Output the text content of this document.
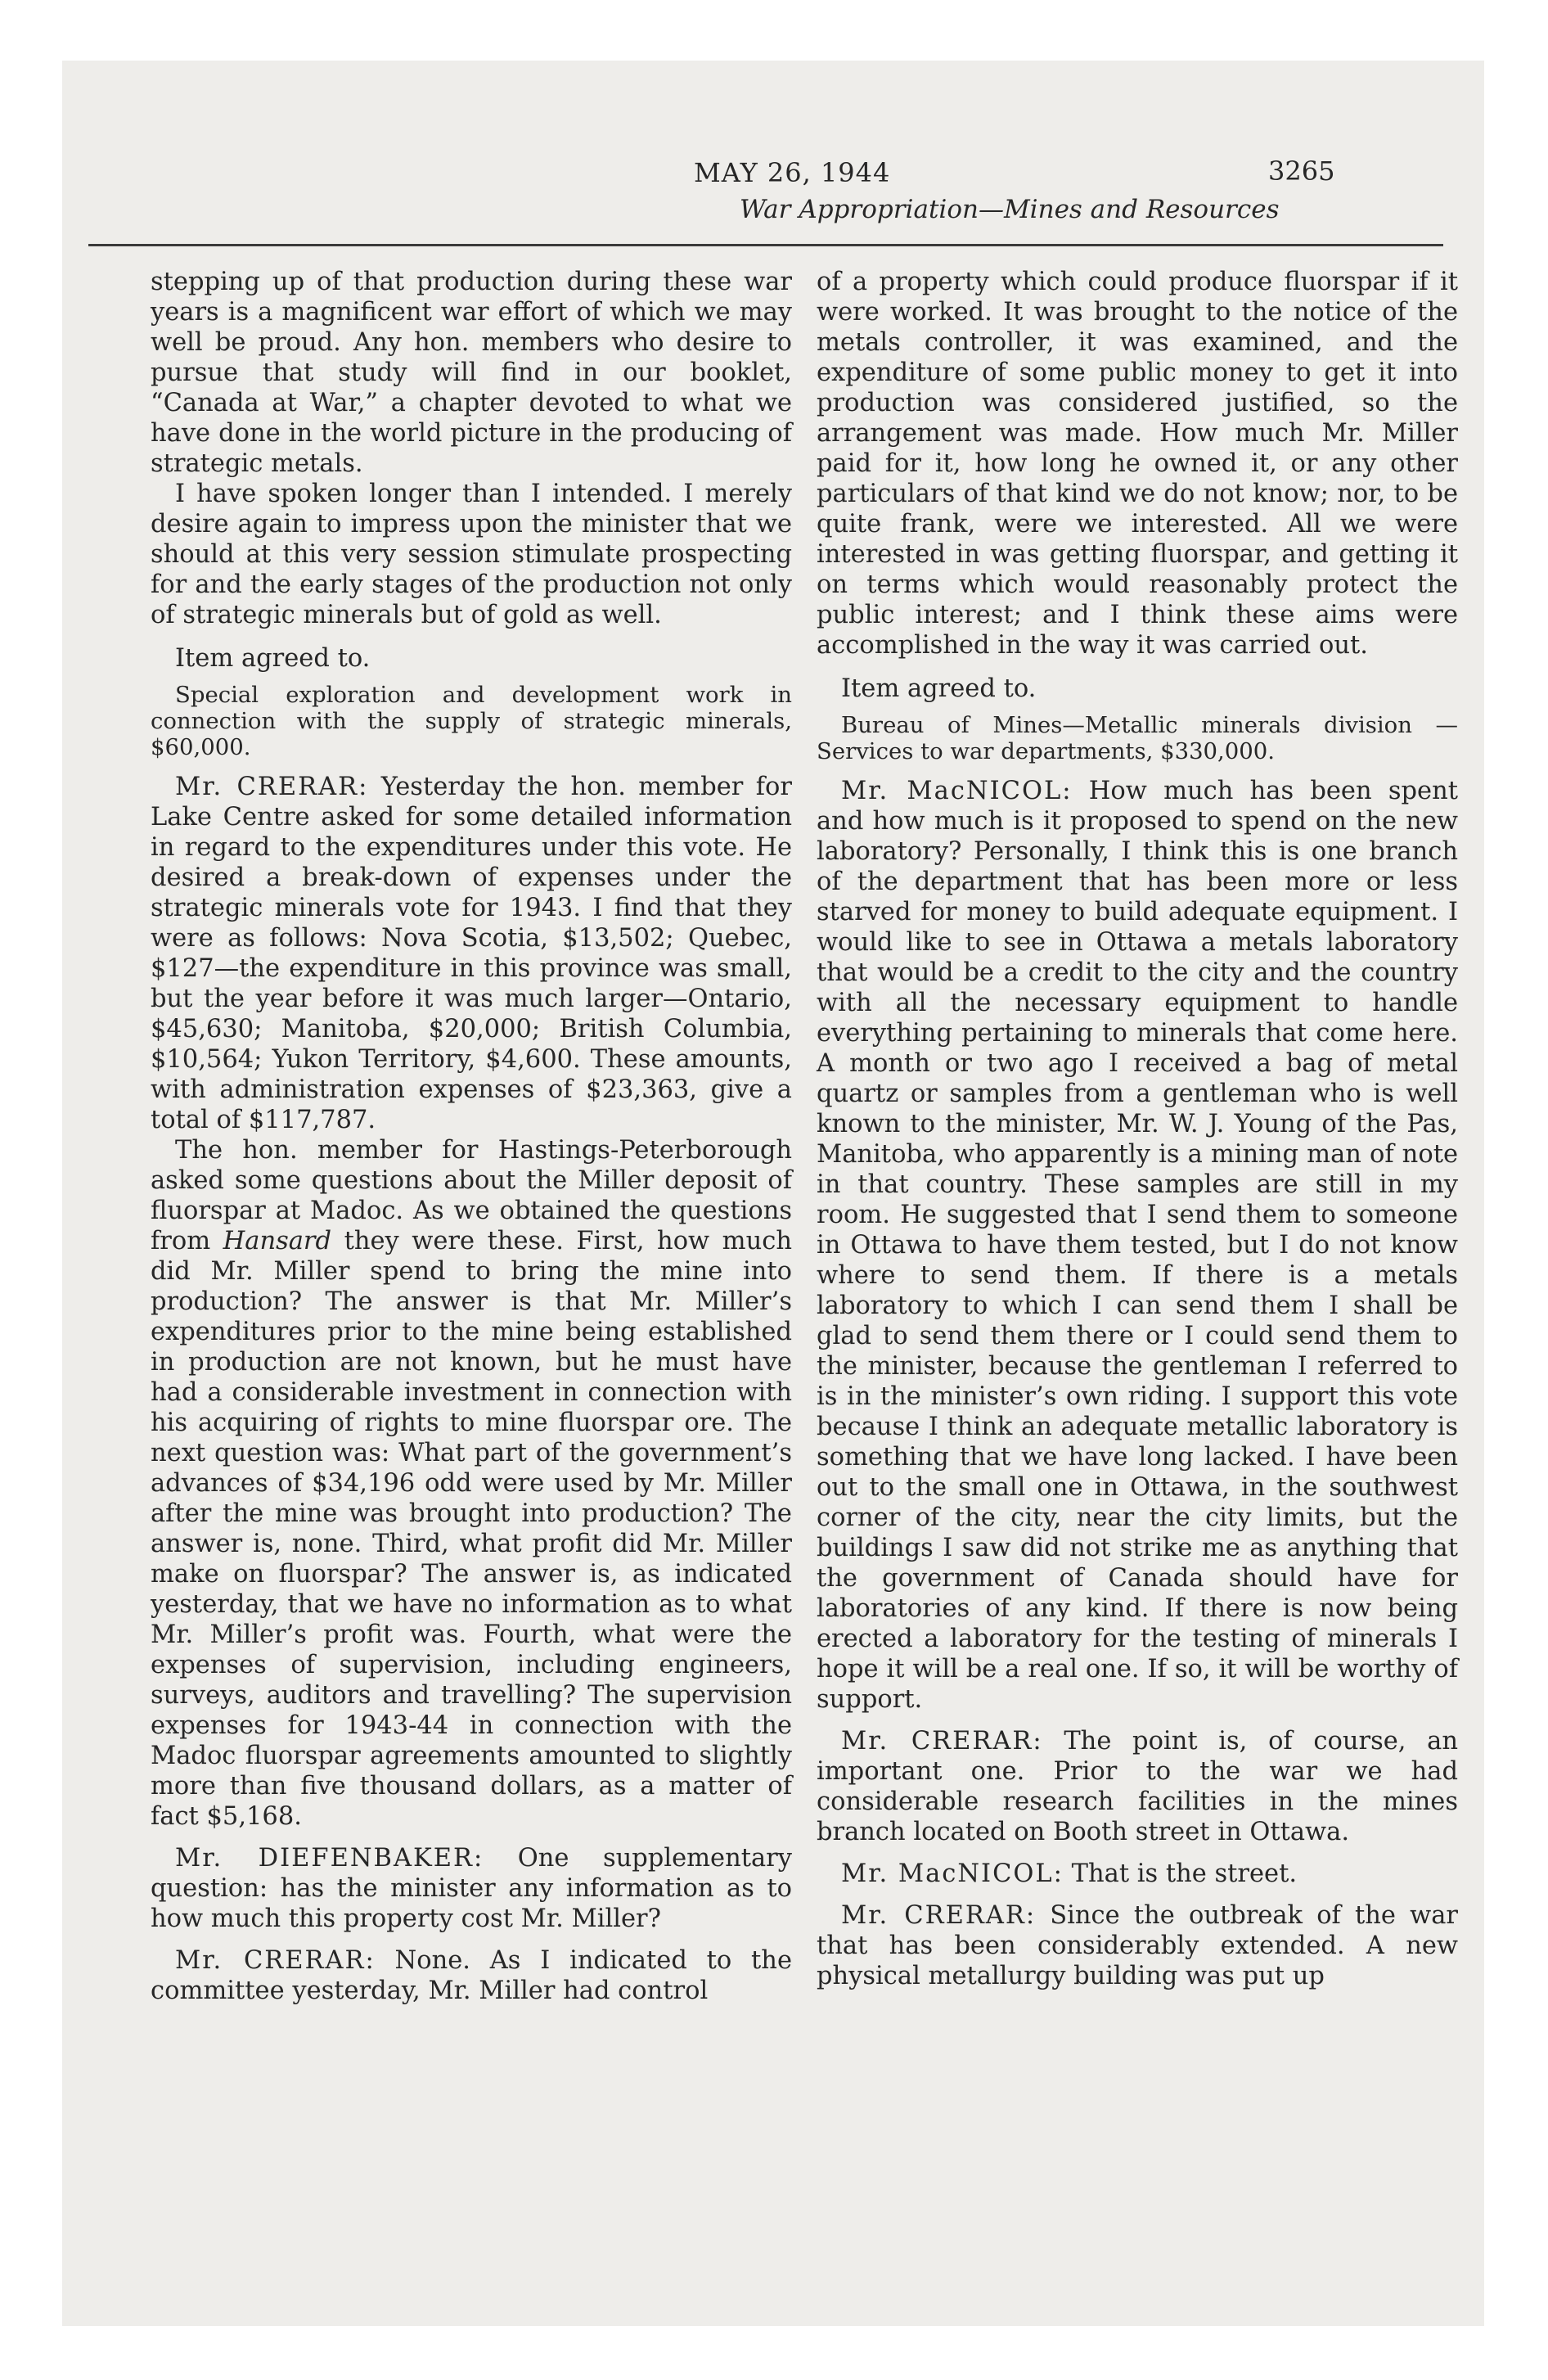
MAY 26, 1944	3265
War Appropriation—Mines and Resources

stepping up of that production during these war years is a magnificent war effort of which we may well be proud. Any hon. members who desire to pursue that study will find in our booklet, “Canada at War,” a chapter devoted to what we have done in the world picture in the producing of strategic metals.

I have spoken longer than I intended. I merely desire again to impress upon the minister that we should at this very session stimulate prospecting for and the early stages of the production not only of strategic minerals but of gold as well.

Item agreed to.

Special exploration and development work in connection with the supply of strategic minerals, $60,000.

Mr. CRERAR: Yesterday the hon. member for Lake Centre asked for some detailed information in regard to the expenditures under this vote. He desired a break-down of expenses under the strategic minerals vote for 1943. I find that they were as follows: Nova Scotia, $13,502; Quebec, $127—the expenditure in this province was small, but the year before it was much larger—Ontario, $45,630; Manitoba, $20,000; British Columbia, $10,564; Yukon Territory, $4,600. These amounts, with administration expenses of $23,363, give a total of $117,787.

The hon. member for Hastings-Peterborough asked some questions about the Miller deposit of fluorspar at Madoc. As we obtained the questions from Hansard they were these. First, how much did Mr. Miller spend to bring the mine into production? The answer is that Mr. Miller’s expenditures prior to the mine being established in production are not known, but he must have had a considerable investment in connection with his acquiring of rights to mine fluorspar ore. The next question was: What part of the government’s advances of $34,196 odd were used by Mr. Miller after the mine was brought into production? The answer is, none. Third, what profit did Mr. Miller make on fluorspar? The answer is, as indicated yesterday, that we have no information as to what Mr. Miller’s profit was. Fourth, what were the expenses of supervision, including engineers, surveys, auditors and travelling? The supervision expenses for 1943-44 in connection with the Madoc fluorspar agreements amounted to slightly more than five thousand dollars, as a matter of fact $5,168.

Mr. DIEFENBAKER: One supplementary question: has the minister any information as to how much this property cost Mr. Miller?

Mr. CRERAR: None. As I indicated to the committee yesterday, Mr. Miller had control

of a property which could produce fluorspar if it were worked. It was brought to the notice of the metals controller, it was examined, and the expenditure of some public money to get it into production was considered justified, so the arrangement was made. How much Mr. Miller paid for it, how long he owned it, or any other particulars of that kind we do not know; nor, to be quite frank, were we interested. All we were interested in was getting fluorspar, and getting it on terms which would reasonably protect the public interest; and I think these aims were accomplished in the way it was carried out.

Item agreed to.

Bureau of Mines—Metallic minerals division —Services to war departments, $330,000.

Mr. MacNICOL: How much has been spent and how much is it proposed to spend on the new laboratory? Personally, I think this is one branch of the department that has been more or less starved for money to build adequate equipment. I would like to see in Ottawa a metals laboratory that would be a credit to the city and the country with all the necessary equipment to handle everything pertaining to minerals that come here. A month or two ago I received a bag of metal quartz or samples from a gentleman who is well known to the minister, Mr. W. J. Young of the Pas, Manitoba, who apparently is a mining man of note in that country. These samples are still in my room. He suggested that I send them to someone in Ottawa to have them tested, but I do not know where to send them. If there is a metals laboratory to which I can send them I shall be glad to send them there or I could send them to the minister, because the gentleman I referred to is in the minister’s own riding. I support this vote because I think an adequate metallic laboratory is something that we have long lacked. I have been out to the small one in Ottawa, in the southwest corner of the city, near the city limits, but the buildings I saw did not strike me as anything that the government of Canada should have for laboratories of any kind. If there is now being erected a laboratory for the testing of minerals I hope it will be a real one. If so, it will be worthy of support.

Mr. CRERAR: The point is, of course, an important one. Prior to the war we had considerable research facilities in the mines branch located on Booth street in Ottawa.

Mr. MacNICOL: That is the street.

Mr. CRERAR: Since the outbreak of the war that has been considerably extended. A new physical metallurgy building was put up
